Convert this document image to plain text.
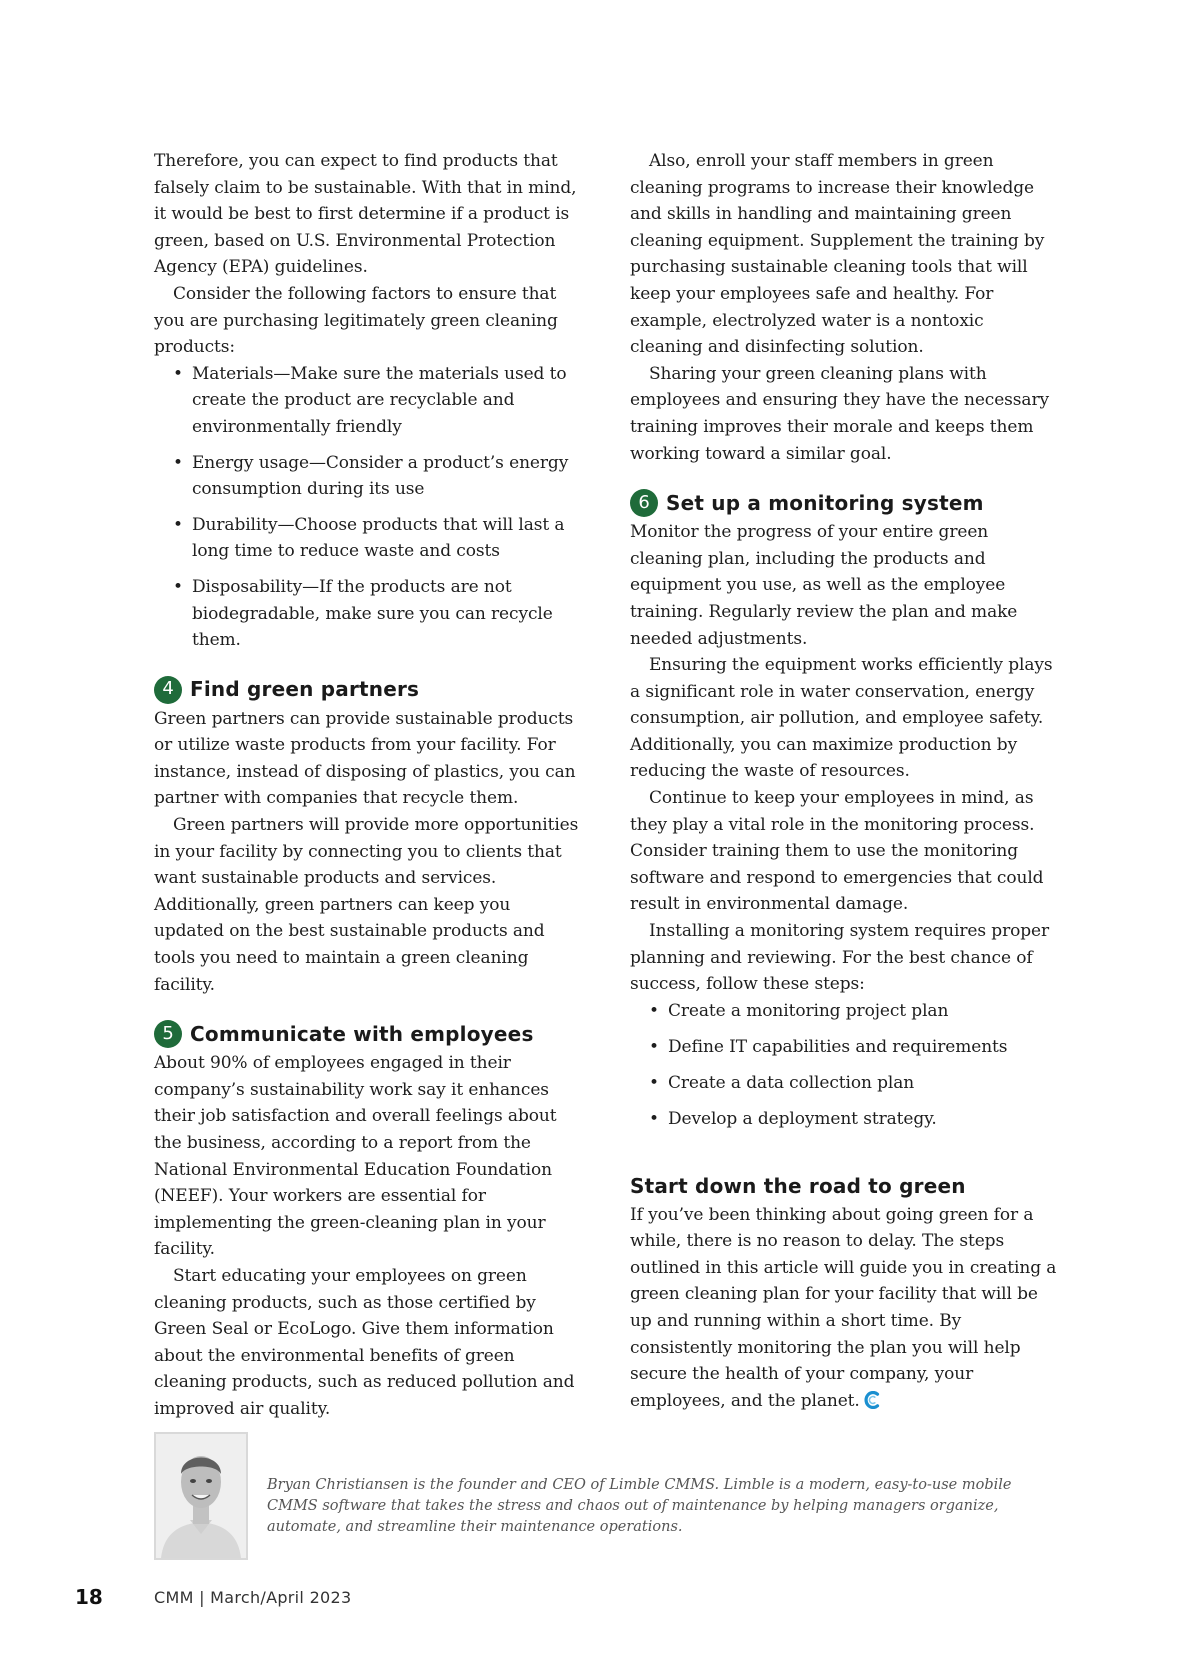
Therefore, you can expect to find products that falsely claim to be sustainable. With that in mind, it would be best to first determine if a product is green, based on U.S. Environmental Protection Agency (EPA) guidelines.

Consider the following factors to ensure that you are purchasing legitimately green cleaning products:

• Materials—Make sure the materials used to create the product are recyclable and environmentally friendly
• Energy usage—Consider a product’s energy consumption during its use
• Durability—Choose products that will last a long time to reduce waste and costs
• Disposability—If the products are not biodegradable, make sure you can recycle them.
4 Find green partners

Green partners can provide sustainable products or utilize waste products from your facility. For instance, instead of disposing of plastics, you can partner with companies that recycle them.

Green partners will provide more opportunities in your facility by connecting you to clients that want sustainable products and services. Additionally, green partners can keep you updated on the best sustainable products and tools you need to maintain a green cleaning facility.

5 Communicate with employees

About 90% of employees engaged in their company’s sustainability work say it enhances their job satisfaction and overall feelings about the business, according to a report from the National Environmental Education Foundation (NEEF). Your workers are essential for implementing the green-cleaning plan in your facility.

Start educating your employees on green cleaning products, such as those certified by Green Seal or EcoLogo. Give them information about the environmental benefits of green cleaning products, such as reduced pollution and improved air quality.

Also, enroll your staff members in green cleaning programs to increase their knowledge and skills in handling and maintaining green cleaning equipment. Supplement the training by purchasing sustainable cleaning tools that will keep your employees safe and healthy. For example, electrolyzed water is a nontoxic cleaning and disinfecting solution.

Sharing your green cleaning plans with employees and ensuring they have the necessary training improves their morale and keeps them working toward a similar goal.

6 Set up a monitoring system

Monitor the progress of your entire green cleaning plan, including the products and equipment you use, as well as the employee training. Regularly review the plan and make needed adjustments.

Ensuring the equipment works efficiently plays a significant role in water conservation, energy consumption, air pollution, and employee safety. Additionally, you can maximize production by reducing the waste of resources.

Continue to keep your employees in mind, as they play a vital role in the monitoring process. Consider training them to use the monitoring software and respond to emergencies that could result in environmental damage.

Installing a monitoring system requires proper planning and reviewing. For the best chance of success, follow these steps:

• Create a monitoring project plan
• Define IT capabilities and requirements
• Create a data collection plan
• Develop a deployment strategy.
Start down the road to green

If you’ve been thinking about going green for a while, there is no reason to delay. The steps outlined in this article will guide you in creating a green cleaning plan for your facility that will be up and running within a short time. By consistently monitoring the plan you will help secure the health of your company, your employees, and the planet.

Bryan Christiansen is the founder and CEO of Limble CMMS. Limble is a modern, easy-to-use mobile CMMS software that takes the stress and chaos out of maintenance by helping managers organize, automate, and streamline their maintenance operations.

18	CMM | March/April 2023
